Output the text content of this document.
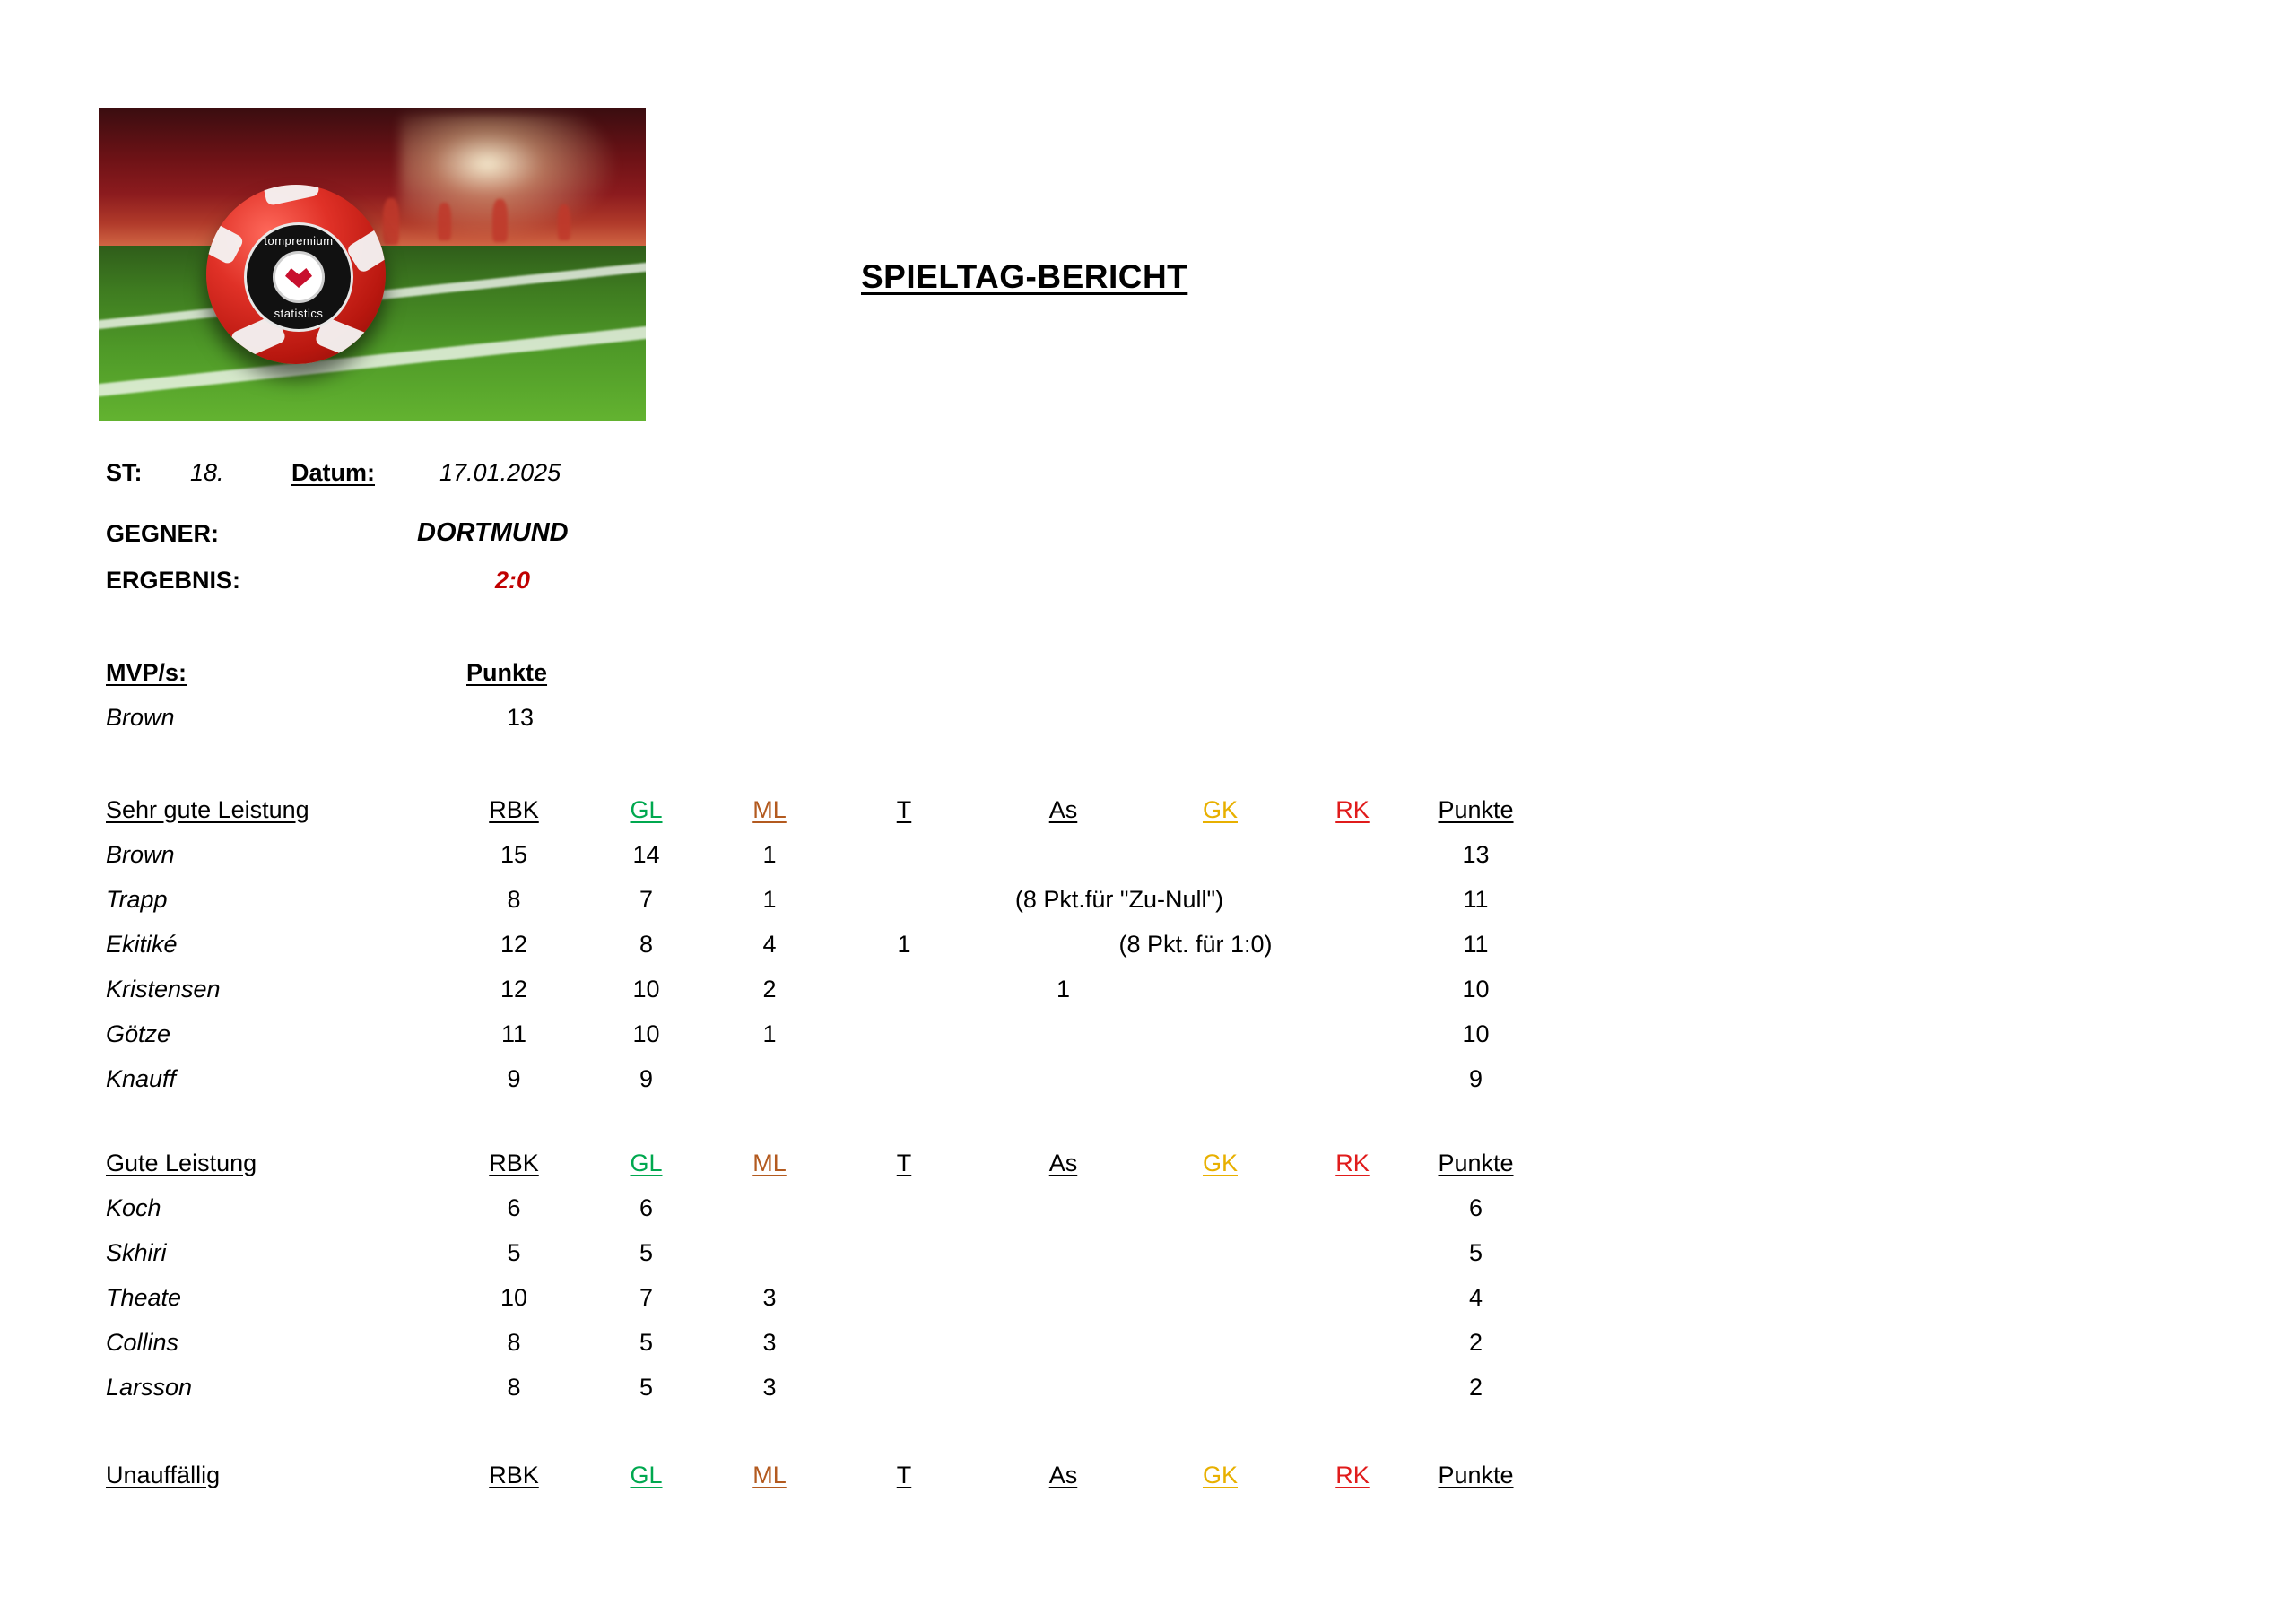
tompremium
statistics
SPIELTAG-BERICHT
ST: 18.	Datum:	17.01.2025
GEGNER:	DORTMUND
ERGEBNIS:	2:0
MVP/s:	Punkte
Brown	13
Sehr gute Leistung	RBK	GL	ML	T	As	GK	RK	Punkte
Brown	15	14	1					13
Trapp	8	7	1	(8 Pkt.für "Zu-Null")				11
Ekitiké	12	8	4	1	(8 Pkt. für 1:0)			11
Kristensen	12	10	2		1			10
Götze	11	10	1					10
Knauff	9	9						9
Gute Leistung	RBK	GL	ML	T	As	GK	RK	Punkte
Koch	6	6						6
Skhiri	5	5						5
Theate	10	7	3					4
Collins	8	5	3					2
Larsson	8	5	3					2
Unauffällig	RBK	GL	ML	T	As	GK	RK	Punkte
